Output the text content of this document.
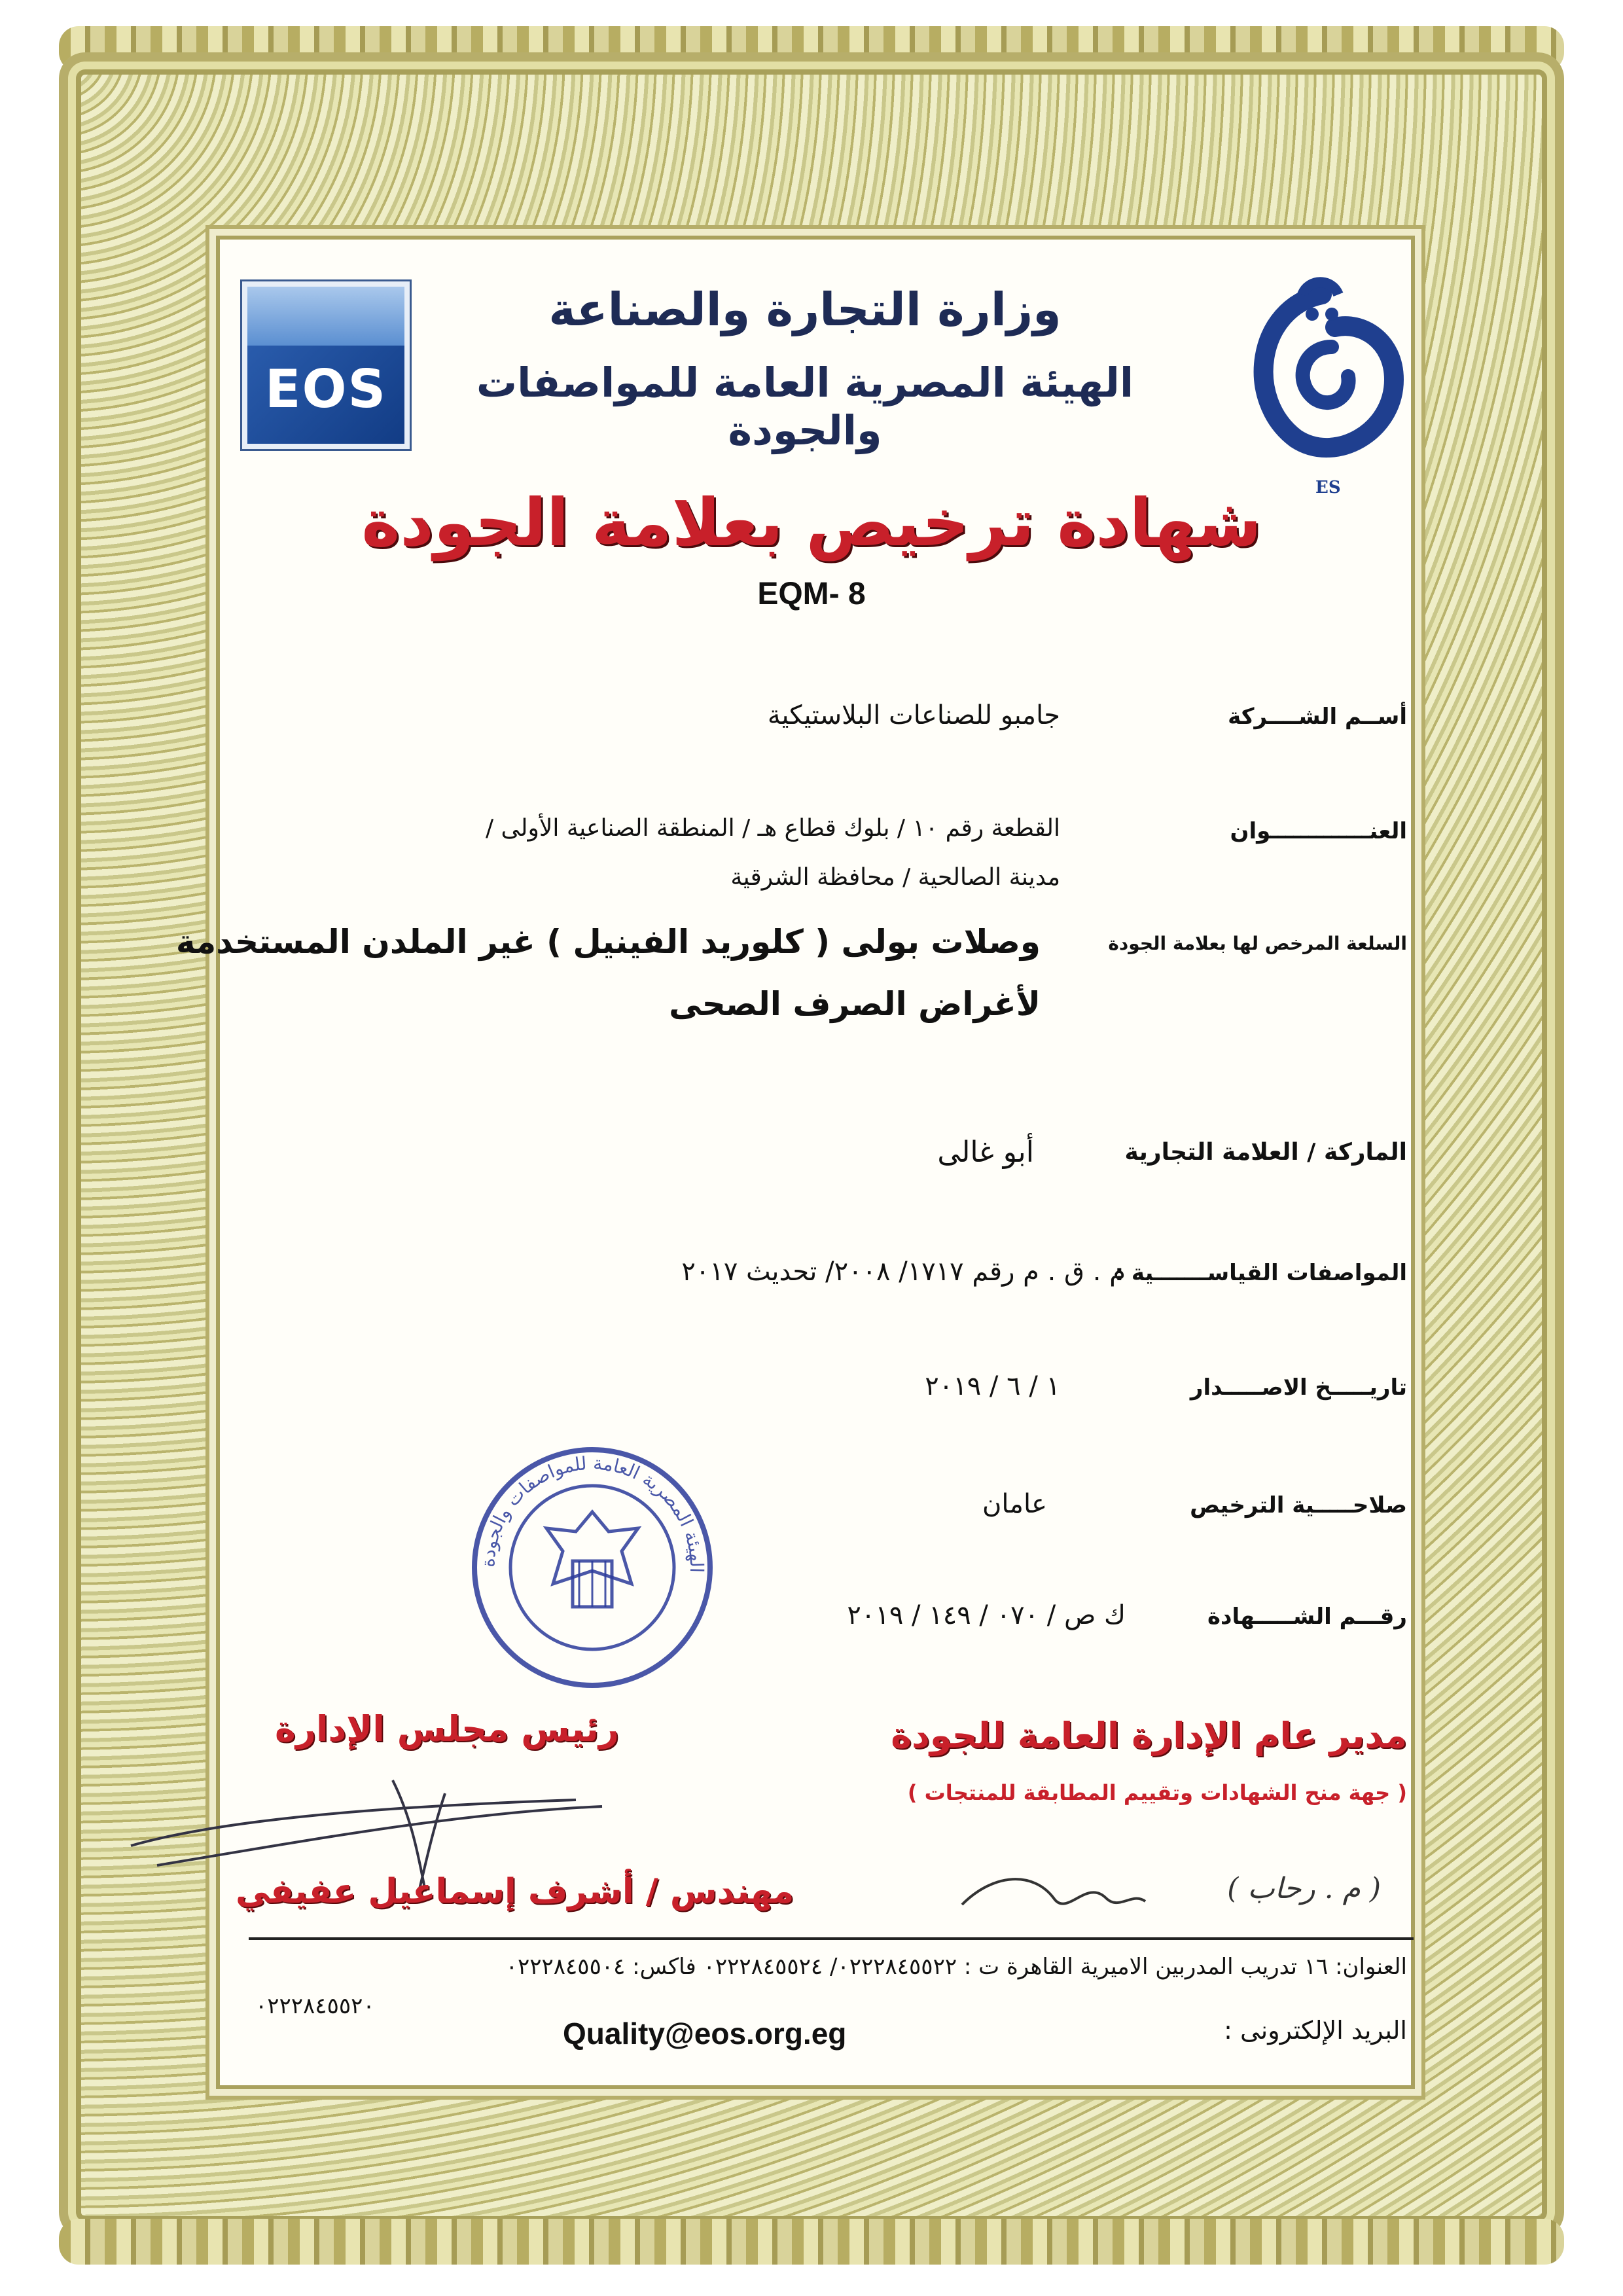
EOS
ES
وزارة التجارة والصناعة
الهيئة المصرية العامة للمواصفات والجودة
شهادة ترخيص بعلامة الجودة
EQM- 8
أســم الشــــركة
جامبو للصناعات البلاستيكية
العنـــــــــــــوان
القطعة رقم ١٠ / بلوك قطاع هـ / المنطقة الصناعية الأولى /
مدينة الصالحية / محافظة الشرقية
السلعة المرخص لها بعلامة الجودة
وصلات بولى ( كلوريد الفينيل ) غير الملدن المستخدمة
لأغراض الصرف الصحى
الماركة / العلامة التجارية
أبو غالى
المواصفات القياســـــــية :
م . ق . م رقم ١٧١٧/ ٢٠٠٨/ تحديث ٢٠١٧
تاريـــــخ الاصـــــدار
١ / ٦ / ٢٠١٩
صلاحـــــية الترخيص
عامان
رقـــم الشـــــهادة
ك ص / ٠٧٠ / ١٤٩ / ٢٠١٩
الهيئة المصرية العامة للمواصفات والجودة
مدير عام الإدارة العامة للجودة
( جهة منح الشهادات وتقييم المطابقة للمنتجات )
( م . رحاب )
رئيس مجلس الإدارة
مهندس / أشرف إسماعيل عفيفي
العنوان: ١٦ تدريب المدربين الاميرية القاهرة ت : ٠٢٢٢٨٤٥٥٢٢/ ٠٢٢٢٨٤٥٥٢٤ فاكس: ٠٢٢٢٨٤٥٥٠٤
٠٢٢٢٨٤٥٥٢٠
البريد الإلكترونى :
Quality@eos.org.eg
